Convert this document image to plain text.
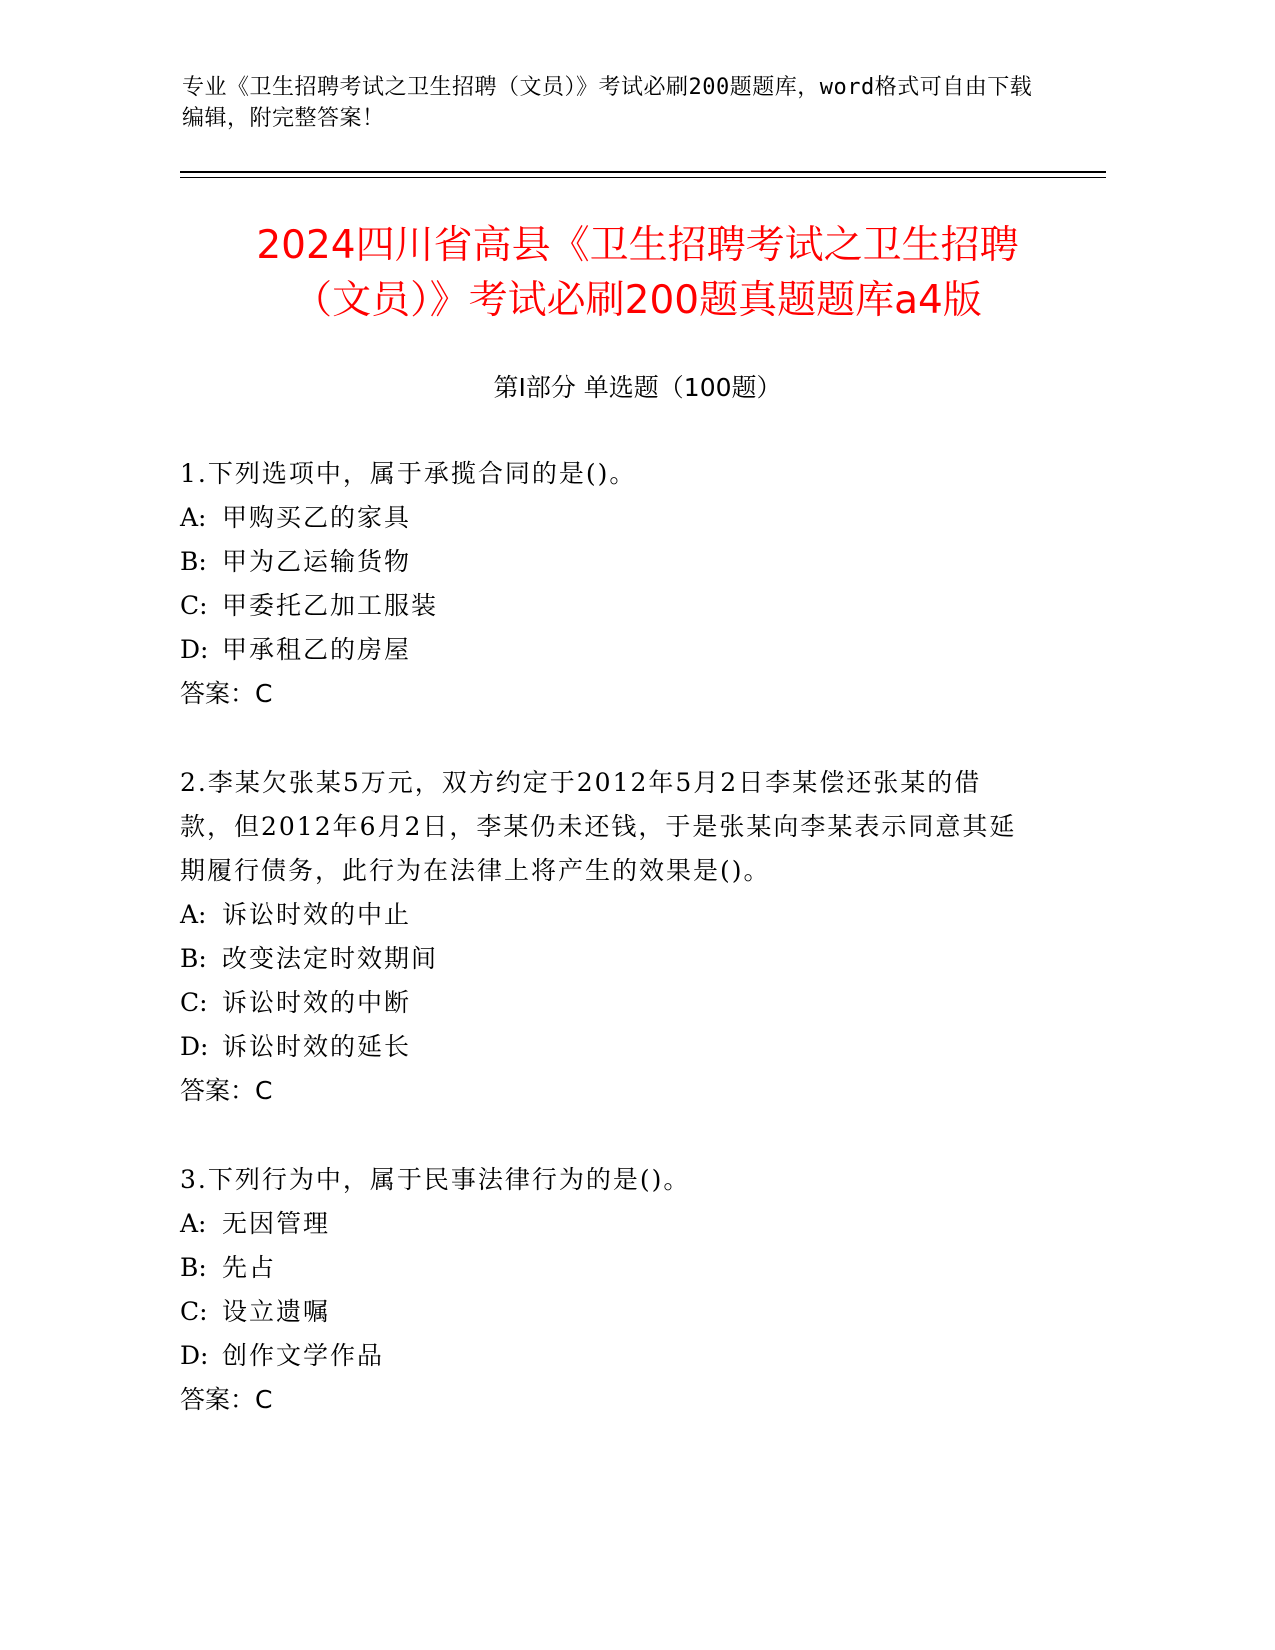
专业《卫生招聘考试之卫生招聘（文员）》考试必刷200题题库，word格式可自由下载编辑，附完整答案！
2024四川省高县《卫生招聘考试之卫生招聘
（文员）》考试必刷200题真题题库a4版
第Ⅰ部分 单选题（100题）
1.下列选项中，属于承揽合同的是()。
A: 甲购买乙的家具
B: 甲为乙运输货物
C: 甲委托乙加工服装
D: 甲承租乙的房屋
答案：C
2.李某欠张某5万元，双方约定于2012年5月2日李某偿还张某的借款，但2012年6月2日，李某仍未还钱，于是张某向李某表示同意其延期履行债务，此行为在法律上将产生的效果是()。
A: 诉讼时效的中止
B: 改变法定时效期间
C: 诉讼时效的中断
D: 诉讼时效的延长
答案：C
3.下列行为中，属于民事法律行为的是()。
A: 无因管理
B: 先占
C: 设立遗嘱
D: 创作文学作品
答案：C
